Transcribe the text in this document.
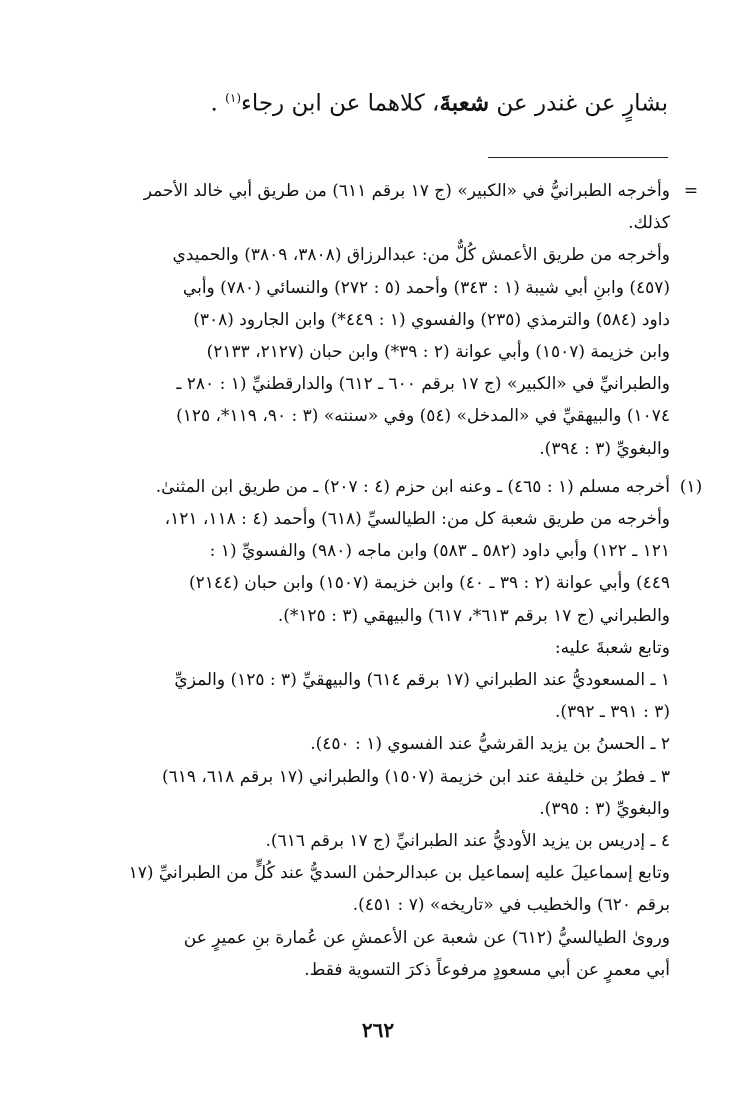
بشارٍ عن غندر عن شعبةَ، كلاهما عن ابن رجاء$^{(١)}$ .
=
وأخرجه الطبرانيُّ في «الكبير» (ج ١٧ برقم ٦١١) من طريق أبي خالد الأحمر
كذلك.
وأخرجه من طريق الأعمش كُلٌّ من: عبدالرزاق (٣٨٠٨، ٣٨٠٩) والحميدي
(٤٥٧) وابنِ أبي شيبة (١ : ٣٤٣) وأحمد (٥ : ٢٧٢) والنسائي (٧٨٠) وأبي
داود (٥٨٤) والترمذي (٢٣٥) والفسوي (١ : ٤٤٩*) وابن الجارود (٣٠٨)
وابن خزيمة (١٥٠٧) وأبي عوانة (٢ : ٣٩*) وابن حبان (٢١٢٧، ٢١٣٣)
والطبرانيِّ في «الكبير» (ج ١٧ برقم ٦٠٠ ـ ٦١٢) والدارقطنيِّ (١ : ٢٨٠ ـ
١٠٧٤) والبيهقيِّ في «المدخل» (٥٤) وفي «سننه» (٣ : ٩٠، ١١٩*، ١٢٥)
والبغويِّ (٣ : ٣٩٤).
(١)
أخرجه مسلم (١ : ٤٦٥) ـ وعنه ابن حزم (٤ : ٢٠٧) ـ من طريق ابن المثنىٰ.
وأخرجه من طريق شعبة كل من: الطيالسيِّ (٦١٨) وأحمد (٤ : ١١٨، ١٢١،
١٢١ ـ ١٢٢) وأبي داود (٥٨٢ ـ ٥٨٣) وابن ماجه (٩٨٠) والفسويِّ (١ :
٤٤٩) وأبي عوانة (٢ : ٣٩ ـ ٤٠) وابن خزيمة (١٥٠٧) وابن حبان (٢١٤٤)
والطبراني (ج ١٧ برقم ٦١٣*، ٦١٧) والبيهقي (٣ : ١٢٥*).
وتابع شعبةَ عليه:
١ ـ المسعوديُّ عند الطبراني (١٧ برقم ٦١٤) والبيهقيِّ (٣ : ١٢٥) والمزيِّ
(٣ : ٣٩١ ـ ٣٩٢).
٢ ـ الحسنُ بن يزيد القرشيُّ عند الفسوي (١ : ٤٥٠).
٣ ـ فطرُ بن خليفة عند ابن خزيمة (١٥٠٧) والطبراني (١٧ برقم ٦١٨، ٦١٩)
والبغويِّ (٣ : ٣٩٥).
٤ ـ إدريس بن يزيد الأوديُّ عند الطبرانيِّ (ج ١٧ برقم ٦١٦).
وتابع إسماعيلَ عليه إسماعيل بن عبدالرحمٰن السديُّ عند كُلٍّ من الطبرانيِّ (١٧
برقم ٦٢٠) والخطيب في «تاريخه» (٧ : ٤٥١).
وروىٰ الطيالسيُّ (٦١٢) عن شعبة عن الأعمشِ عن عُمارة بنِ عميرٍ عن
أبي معمرٍ عن أبي مسعودٍ مرفوعاً ذكرَ التسوية فقط.
٢٦٢
